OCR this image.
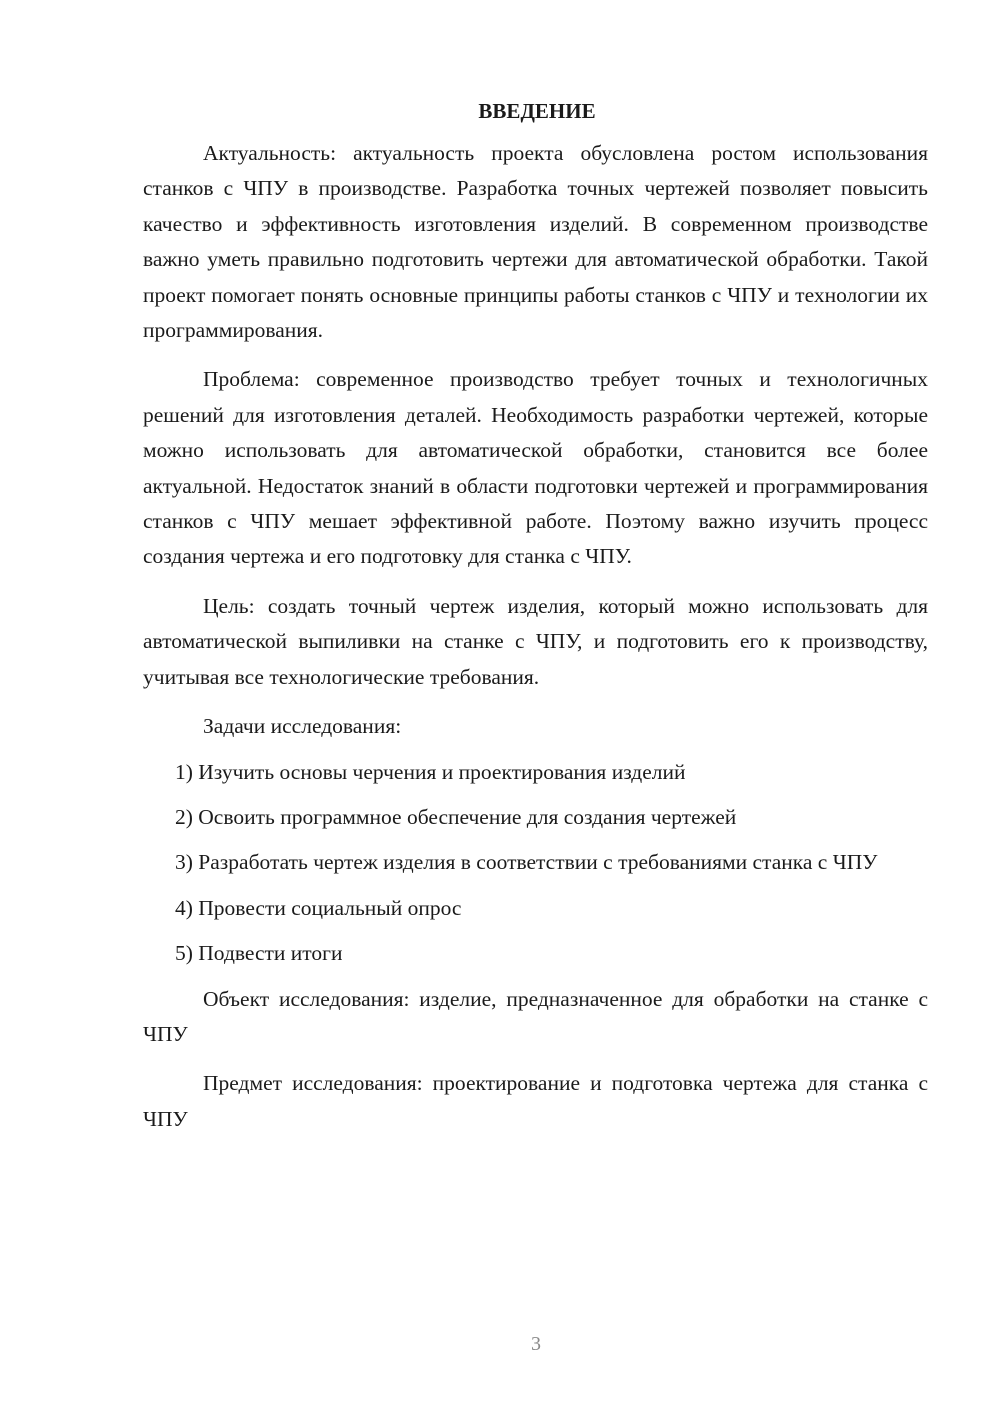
ВВЕДЕНИЕ

Актуальность: актуальность проекта обусловлена ростом использования станков с ЧПУ в производстве. Разработка точных чертежей позволяет повысить качество и эффективность изготовления изделий. В современном производстве важно уметь правильно подготовить чертежи для автоматической обработки. Такой проект помогает понять основные принципы работы станков с ЧПУ и технологии их программирования.

Проблема: современное производство требует точных и технологичных решений для изготовления деталей. Необходимость разработки чертежей, которые можно использовать для автоматической обработки, становится все более актуальной. Недостаток знаний в области подготовки чертежей и программирования станков с ЧПУ мешает эффективной работе. Поэтому важно изучить процесс создания чертежа и его подготовку для станка с ЧПУ.

Цель: создать точный чертеж изделия, который можно использовать для автоматической выпиливки на станке с ЧПУ, и подготовить его к производству, учитывая все технологические требования.

Задачи исследования:

1) Изучить основы черчения и проектирования изделий

2) Освоить программное обеспечение для создания чертежей

3) Разработать чертеж изделия в соответствии с требованиями станка с ЧПУ

4) Провести социальный опрос

5) Подвести итоги

Объект исследования: изделие, предназначенное для обработки на станке с ЧПУ

Предмет исследования: проектирование и подготовка чертежа для станка с ЧПУ

3
